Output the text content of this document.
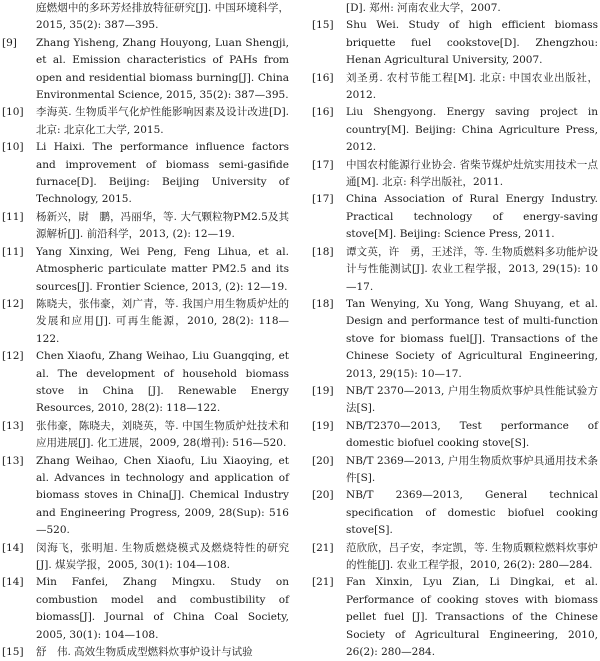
庭燃烟中的多环芳烃排放特征研究[J]. 中国环境科学，2015, 35(2): 387—395.
[9]	Zhang Yisheng, Zhang Houyong, Luan Shengji, et al. Emission characteristics of PAHs from open and residential biomass burning[J]. China Environmental Science, 2015, 35(2): 387—395.
[10]	李海英. 生物质半气化炉性能影响因素及设计改进[D]. 北京: 北京化工大学, 2015.
[10]	Li Haixi. The performance influence factors and improvement of biomass semi-gasifide furnace[D]. Beijing: Beijing University of Technology, 2015.
[11]	杨新兴，尉　鹏，冯丽华，等. 大气颗粒物PM2.5及其源解析[J]. 前沿科学，2013, (2): 12—19.
[11]	Yang Xinxing, Wei Peng, Feng Lihua, et al. Atmospheric particulate matter PM2.5 and its sources[J]. Frontier Science, 2013, (2): 12—19.
[12]	陈晓夫，张伟豪，刘广青，等. 我国户用生物质炉灶的发展和应用[J]. 可再生能源，2010, 28(2): 118—122.
[12]	Chen Xiaofu, Zhang Weihao, Liu Guangqing, et al. The development of household biomass stove in China [J]. Renewable Energy Resources, 2010, 28(2): 118—122.
[13]	张伟豪，陈晓夫，刘晓英，等. 中国生物质炉灶技术和应用进展[J]. 化工进展，2009, 28(增刊): 516—520.
[13]	Zhang Weihao, Chen Xiaofu, Liu Xiaoying, et al. Advances in technology and application of biomass stoves in China[J]. Chemical Industry and Engineering Progress, 2009, 28(Sup): 516—520.
[14]	闵海飞，张明旭. 生物质燃烧模式及燃烧特性的研究[J]. 煤炭学报，2005, 30(1): 104—108.
[14]	Min Fanfei, Zhang Mingxu. Study on combustion model and combustibility of biomass[J]. Journal of China Coal Society, 2005, 30(1): 104—108.
[15]	舒　伟. 高效生物质成型燃料炊事炉设计与试验
[D]. 郑州: 河南农业大学，2007.
[15]	Shu Wei. Study of high efficient biomass briquette fuel cookstove[D]. Zhengzhou: Henan Agricultural University, 2007.
[16]	刘圣勇. 农村节能工程[M]. 北京: 中国农业出版社，2012.
[16]	Liu Shengyong. Energy saving project in country[M]. Beijing: China Agriculture Press, 2012.
[17]	中国农村能源行业协会. 省柴节煤炉灶炕实用技术一点通[M]. 北京: 科学出版社，2011.
[17]	China Association of Rural Energy Industry. Practical technology of energy-saving stove[M]. Beijing: Science Press, 2011.
[18]	谭文英，许　勇，王述洋，等. 生物质燃料多功能炉设计与性能测试[J]. 农业工程学报，2013, 29(15): 10—17.
[18]	Tan Wenying, Xu Yong, Wang Shuyang, et al. Design and performance test of multi-function stove for biomass fuel[J]. Transactions of the Chinese Society of Agricultural Engineering, 2013, 29(15): 10—17.
[19]	NB/T 2370—2013, 户用生物质炊事炉具性能试验方法[S].
[19]	NB/T2370—2013, Test performance of domestic biofuel cooking stove[S].
[20]	NB/T 2369—2013, 户用生物质炊事炉具通用技术条件[S].
[20]	NB/T 2369—2013, General technical specification of domestic biofuel cooking stove[S].
[21]	范欣欣，吕子安，李定凯，等. 生物质颗粒燃料炊事炉的性能[J]. 农业工程学报，2010, 26(2): 280—284.
[21]	Fan Xinxin, Lyu Zian, Li Dingkai, et al. Performance of cooking stoves with biomass pellet fuel [J]. Transactions of the Chinese Society of Agricultural Engineering, 2010, 26(2): 280—284.
